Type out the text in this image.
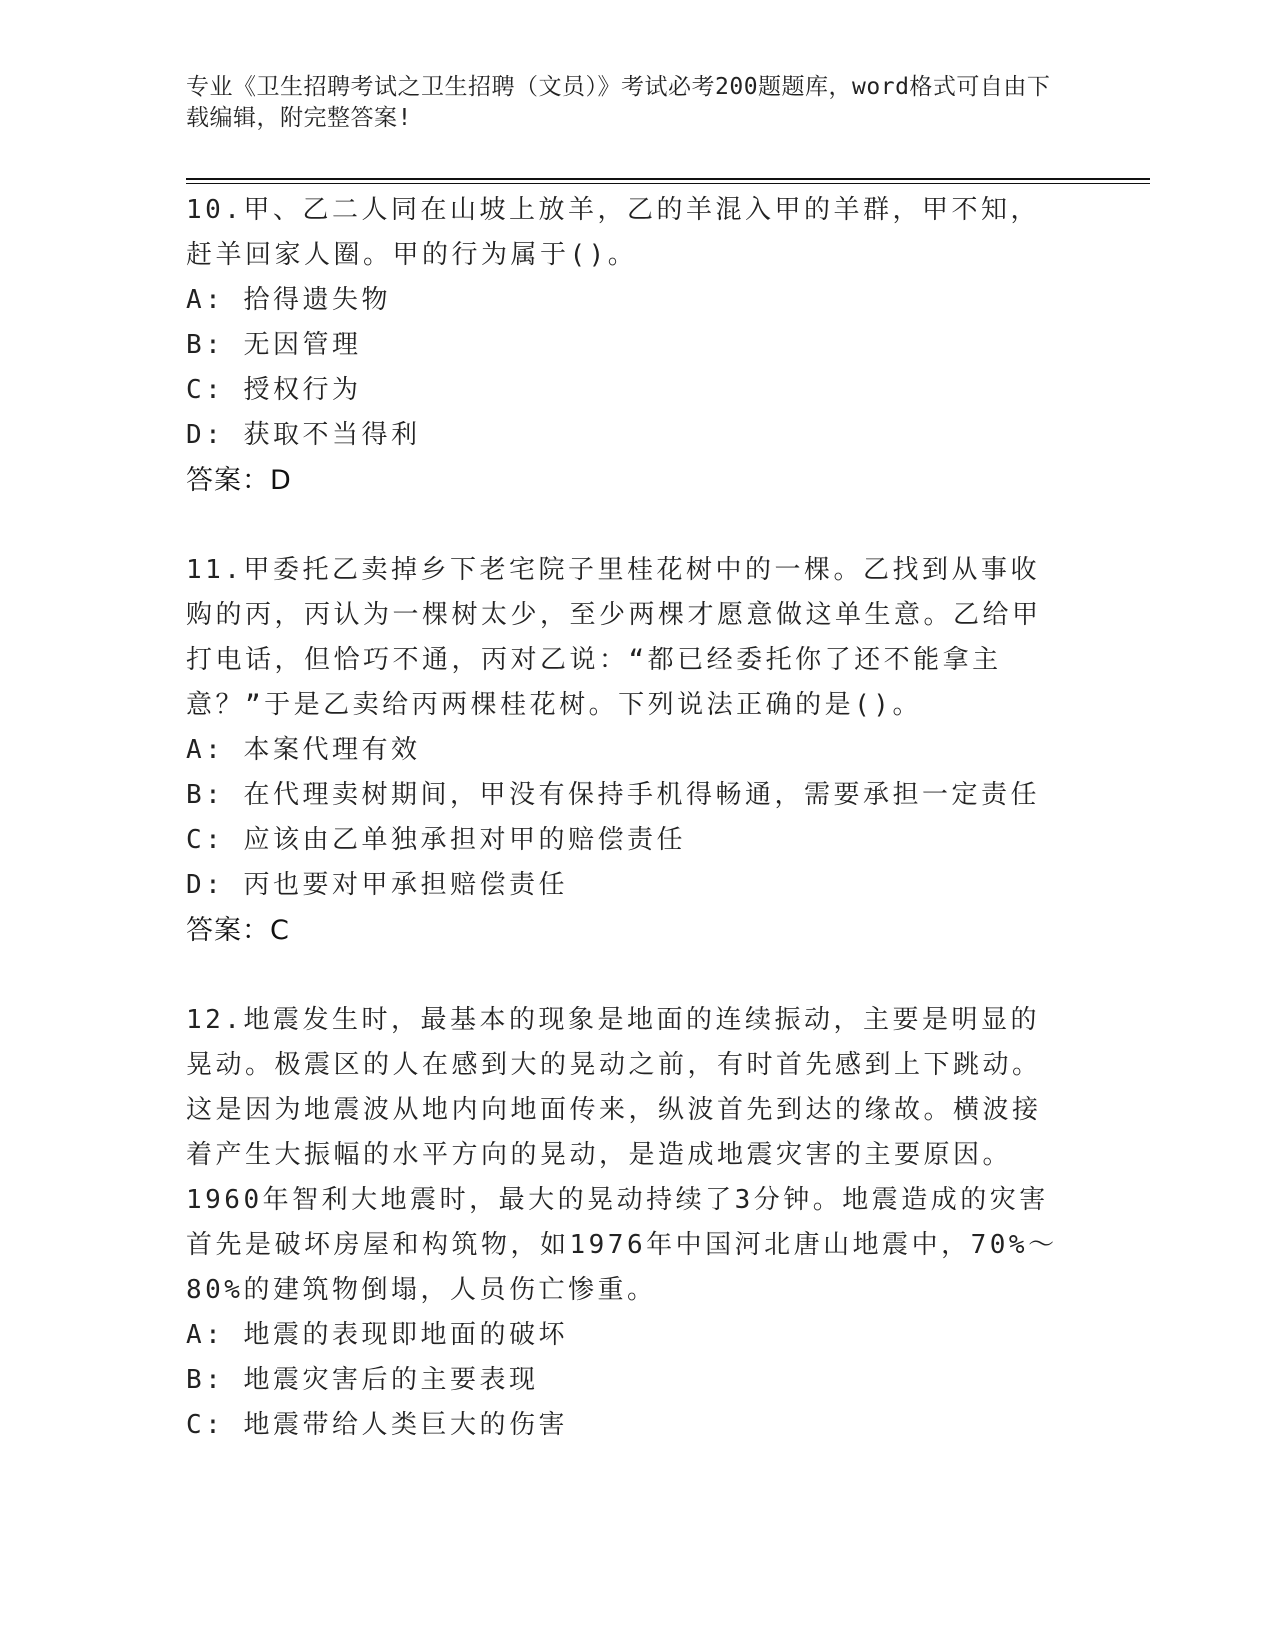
专业《卫生招聘考试之卫生招聘（文员）》考试必考200题题库，word格式可自由下载编辑，附完整答案!

10.甲、乙二人同在山坡上放羊，乙的羊混入甲的羊群，甲不知，赶羊回家人圈。甲的行为属于()。

A: 拾得遗失物

B: 无因管理

C: 授权行为

D: 获取不当得利

答案：D

11.甲委托乙卖掉乡下老宅院子里桂花树中的一棵。乙找到从事收购的丙，丙认为一棵树太少，至少两棵才愿意做这单生意。乙给甲打电话，但恰巧不通，丙对乙说：“都已经委托你了还不能拿主意？”于是乙卖给丙两棵桂花树。下列说法正确的是()。

A: 本案代理有效

B: 在代理卖树期间，甲没有保持手机得畅通，需要承担一定责任

C: 应该由乙单独承担对甲的赔偿责任

D: 丙也要对甲承担赔偿责任

答案：C

12.地震发生时，最基本的现象是地面的连续振动，主要是明显的晃动。极震区的人在感到大的晃动之前，有时首先感到上下跳动。这是因为地震波从地内向地面传来，纵波首先到达的缘故。横波接着产生大振幅的水平方向的晃动，是造成地震灾害的主要原因。1960年智利大地震时，最大的晃动持续了3分钟。地震造成的灾害首先是破坏房屋和构筑物，如1976年中国河北唐山地震中，70%～80%的建筑物倒塌，人员伤亡惨重。

A: 地震的表现即地面的破坏

B: 地震灾害后的主要表现

C: 地震带给人类巨大的伤害
